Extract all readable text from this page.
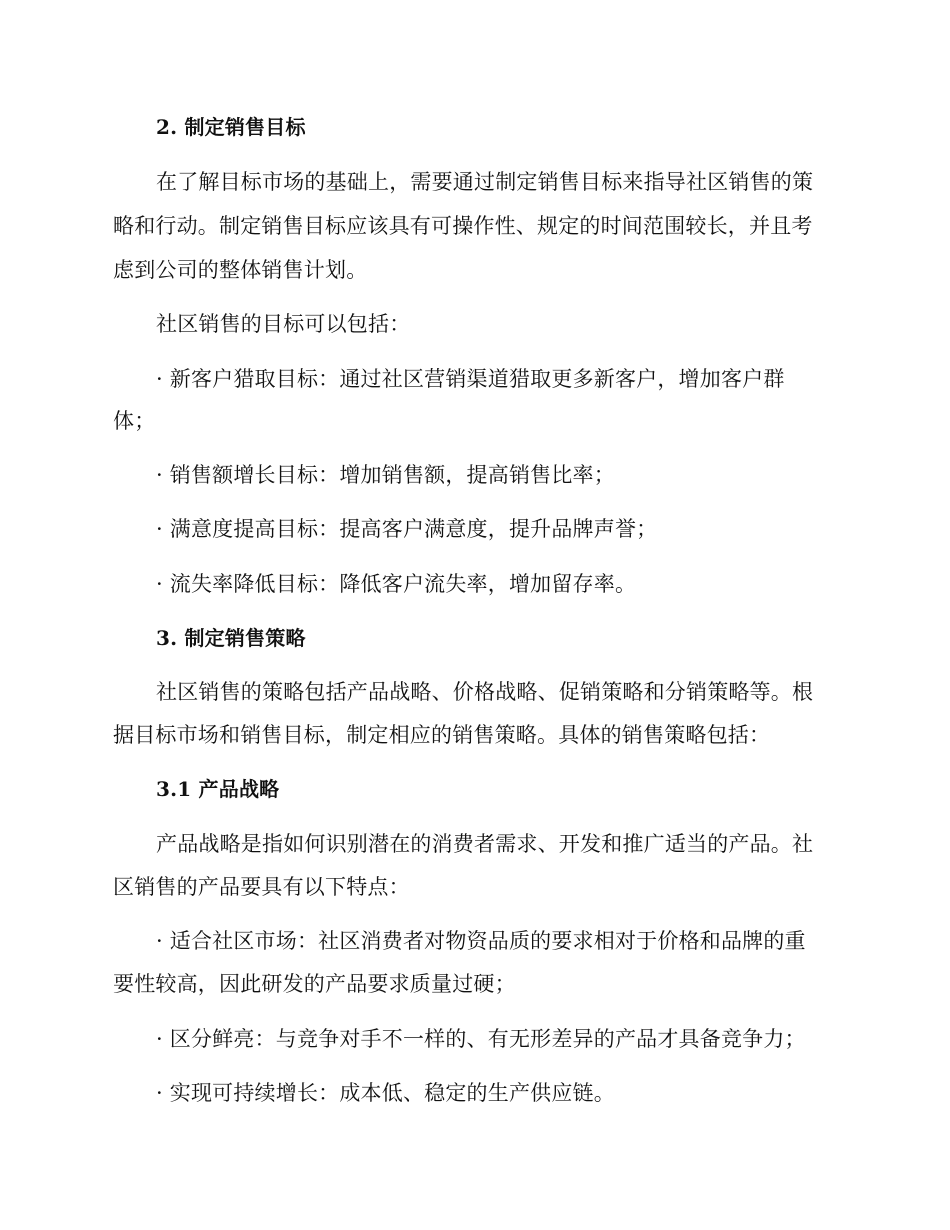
2. 制定销售目标
在了解目标市场的基础上，需要通过制定销售目标来指导社区销售的策
略和行动。制定销售目标应该具有可操作性、规定的时间范围较长，并且考
虑到公司的整体销售计划。
社区销售的目标可以包括：
· 新客户猎取目标：通过社区营销渠道猎取更多新客户，增加客户群
体；
· 销售额增长目标：增加销售额，提高销售比率；
· 满意度提高目标：提高客户满意度，提升品牌声誉；
· 流失率降低目标：降低客户流失率，增加留存率。
3. 制定销售策略
社区销售的策略包括产品战略、价格战略、促销策略和分销策略等。根
据目标市场和销售目标，制定相应的销售策略。具体的销售策略包括：
3.1 产品战略
产品战略是指如何识别潜在的消费者需求、开发和推广适当的产品。社
区销售的产品要具有以下特点：
· 适合社区市场：社区消费者对物资品质的要求相对于价格和品牌的重
要性较高，因此研发的产品要求质量过硬；
· 区分鲜亮：与竞争对手不一样的、有无形差异的产品才具备竞争力；
· 实现可持续增长：成本低、稳定的生产供应链。
